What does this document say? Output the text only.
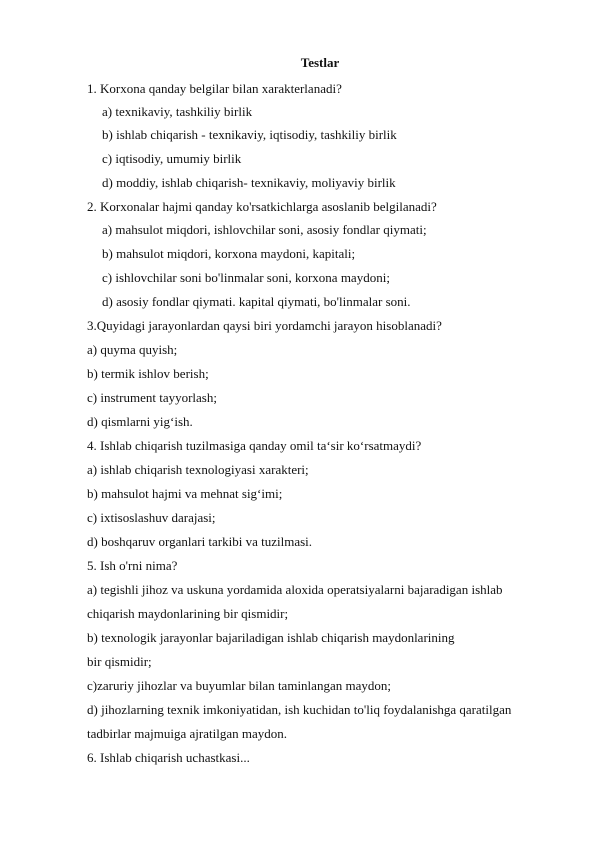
Testlar
1. Korxona qanday belgilar bilan xarakterlanadi?
a) texnikaviy, tashkiliy birlik
b) ishlab chiqarish - texnikaviy, iqtisodiy, tashkiliy birlik
c) iqtisodiy, umumiy birlik
d) moddiy, ishlab chiqarish- texnikaviy, moliyaviy birlik
2. Korxonalar hajmi qanday ko'rsatkichlarga asoslanib belgilanadi?
a) mahsulot miqdori, ishlovchilar soni, asosiy fondlar qiymati;
b) mahsulot miqdori, korxona maydoni, kapitali;
c) ishlovchilar soni bo'linmalar soni, korxona maydoni;
d) asosiy fondlar qiymati. kapital qiymati, bo'linmalar soni.
3.Quyidagi jarayonlardan qaysi biri yordamchi jarayon hisoblanadi?
a) quyma quyish;
b) termik ishlov berish;
c) instrument tayyorlash;
d) qismlarni yig‘ish.
4. Ishlab chiqarish tuzilmasiga qanday omil ta‘sir ko‘rsatmaydi?
a) ishlab chiqarish texnologiyasi xarakteri;
b) mahsulot hajmi va mehnat sig‘imi;
c) ixtisoslashuv darajasi;
d) boshqaruv organlari tarkibi va tuzilmasi.
5. Ish o'rni nima?
a) tegishli jihoz va uskuna yordamida aloxida operatsiyalarni bajaradigan ishlab
chiqarish maydonlarining bir qismidir;
b) texnologik jarayonlar bajariladigan ishlab chiqarish maydonlarining
bir qismidir;
c)zaruriy jihozlar va buyumlar bilan taminlangan maydon;
d) jihozlarning texnik imkoniyatidan, ish kuchidan to'liq foydalanishga qaratilgan
tadbirlar majmuiga ajratilgan maydon.
6. Ishlab chiqarish uchastkasi...
